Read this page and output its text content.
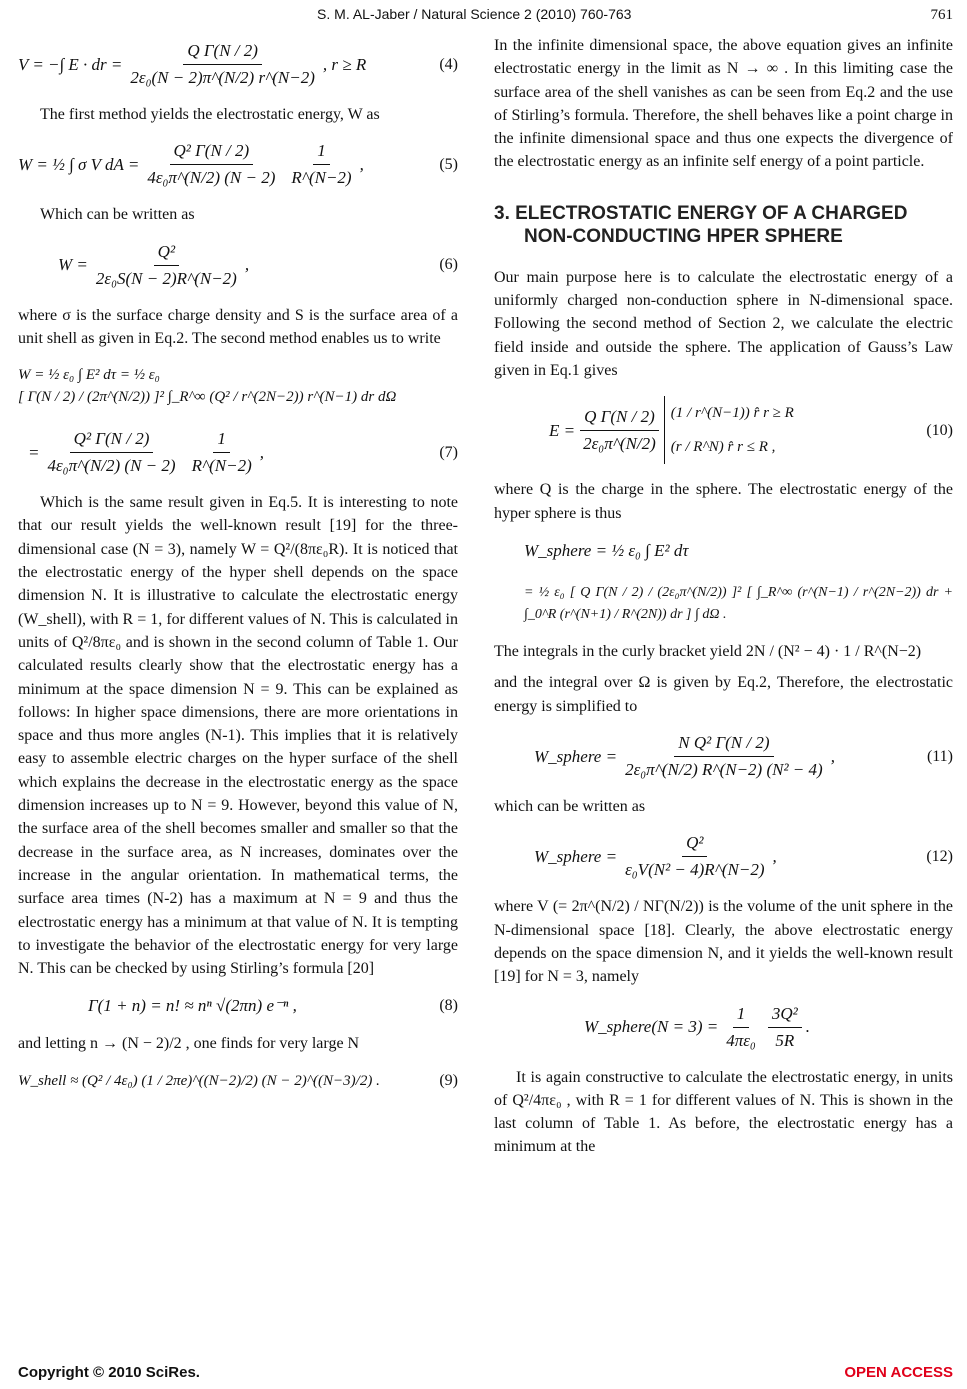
S. M. AL-Jaber / Natural Science 2 (2010) 760-763	761
V = −∫ E · dr = $\frac{\text{Q Γ(N / 2)}}{\text{2ε₀(N − 2)π\textasciicircum{}(N/2) r\textasciicircum{}(N−2)}}$ , r ≥ R	(4)
The first method yields the electrostatic energy, W as
W = ½ ∫ σ V dA = $\frac{\text{Q² Γ(N / 2)}}{\text{4ε₀π\textasciicircum{}(N/2) (N − 2)}} \frac{1}{R\^{}(N-2)}$ ,	(5)
Which can be written as
$W = \frac{\text{Q²}}{\text{2ε₀S(N − 2)R\textasciicircum{}(N−2)}}$ ,	(6)
where σ is the surface charge density and S is the surface area of a unit shell as given in Eq.2. The second method enables us to write
W = ½ ε₀ ∫ E² dτ = ½ ε₀

[ Γ(N / 2) / (2π^(N/2)) ]² ∫_R^∞ (Q² / r^(2N−2)) r^(N−1) dr dΩ
= $\frac{\text{Q² Γ(N / 2)}}{\text{4ε₀π\textasciicircum{}(N/2) (N − 2)}} \frac{1}{R\^{}(N-2)}$ ,	(7)
Which is the same result given in Eq.5. It is interesting to note that our result yields the well-known result [19] for the three-dimensional case (N = 3), namely W = Q²/(8πε₀R). It is noticed that the electrostatic energy of the hyper shell depends on the space dimension N. It is illustrative to calculate the electrostatic energy (W_shell), with R = 1, for different values of N. This is calculated in units of Q²/8πε₀ and is shown in the second column of Table 1. Our calculated results clearly show that the electrostatic energy has a minimum at the space dimension N = 9. This can be explained as follows: In higher space dimensions, there are more orientations in space and thus more angles (N-1). This implies that it is relatively easy to assemble electric charges on the hyper surface of the shell which explains the decrease in the electrostatic energy as the space dimension increases up to N = 9. However, beyond this value of N, the surface area of the shell becomes smaller and smaller so that the decrease in the surface area, as N increases, dominates over the increase in the angular orientation. In mathematical terms, the surface area times (N-2) has a maximum at N = 9 and thus the electrostatic energy has a minimum at that value of N. It is tempting to investigate the behavior of the electrostatic energy for very large N. This can be checked by using Stirling’s formula [20]
Γ(1 + n) = n! ≈ nⁿ √(2πn) e⁻ⁿ ,	(8)
and letting n → (N − 2)/2 , one finds for very large N
W_shell ≈ (Q² / 4ε₀) (1 / 2πe)^((N−2)/2) (N − 2)^((N−3)/2) .	(9)
In the infinite dimensional space, the above equation gives an infinite electrostatic energy in the limit as N → ∞ . In this limiting case the surface area of the shell vanishes as can be seen from Eq.2 and the use of Stirling’s formula. Therefore, the shell behaves like a point charge in the infinite dimensional space and thus one expects the divergence of the electrostatic energy as an infinite self energy of a point particle.
3. ELECTROSTATIC ENERGY OF A CHARGED NON-CONDUCTING HPER SPHERE
Our main purpose here is to calculate the electrostatic energy of a uniformly charged non-conduction sphere in N-dimensional space. Following the second method of Section 2, we calculate the electric field inside and outside the sphere. The application of Gauss’s Law given in Eq.1 gives
$E = \frac{\text{Q Γ(N / 2)}}{\text{2ε₀π\textasciicircum{}(N/2)}} (1$ / r^(N−1)) r̂ r ≥ R
(r / R^N) r̂ r ≤ R ,
(10)
where Q is the charge in the sphere. The electrostatic energy of the hyper sphere is thus
W_sphere = ½ ε₀ ∫ E² dτ
= ½ ε₀ [ Q Γ(N / 2) / (2ε₀π^(N/2)) ]² [ ∫_R^∞ (r^(N−1) / r^(2N−2)) dr + ∫_0^R (r^(N+1) / R^(2N)) dr ] ∫ dΩ .
The integrals in the curly bracket yield 2N / (N² − 4) · 1 / R^(N−2)
and the integral over Ω is given by Eq.2, Therefore, the electrostatic energy is simplified to
W_sphere = $\frac{\text{N Q² Γ(N / 2)}}{\text{2ε₀π\textasciicircum{}(N/2) R\textasciicircum{}(N−2) (N² − 4)}}$ ,	(11)
which can be written as
W_sphere = $\frac{\text{Q²}}{\text{ε₀V(N² − 4)R\textasciicircum{}(N−2)}}$ ,	(12)
where V (= 2π^(N/2) / NΓ(N/2)) is the volume of the unit sphere in the N-dimensional space [18]. Clearly, the above electrostatic energy depends on the space dimension N, and it yields the well-known result [19] for N = 3, namely
W_sphere(N = $3) = \frac{1}{\text{4πε₀}} \frac{\text{3Q²}}{5R}$ .
It is again constructive to calculate the electrostatic energy, in units of Q²/4πε₀ , with R = 1 for different values of N. This is shown in the last column of Table 1. As before, the electrostatic energy has a minimum at the
Copyright © 2010 SciRes.	OPEN ACCESS
